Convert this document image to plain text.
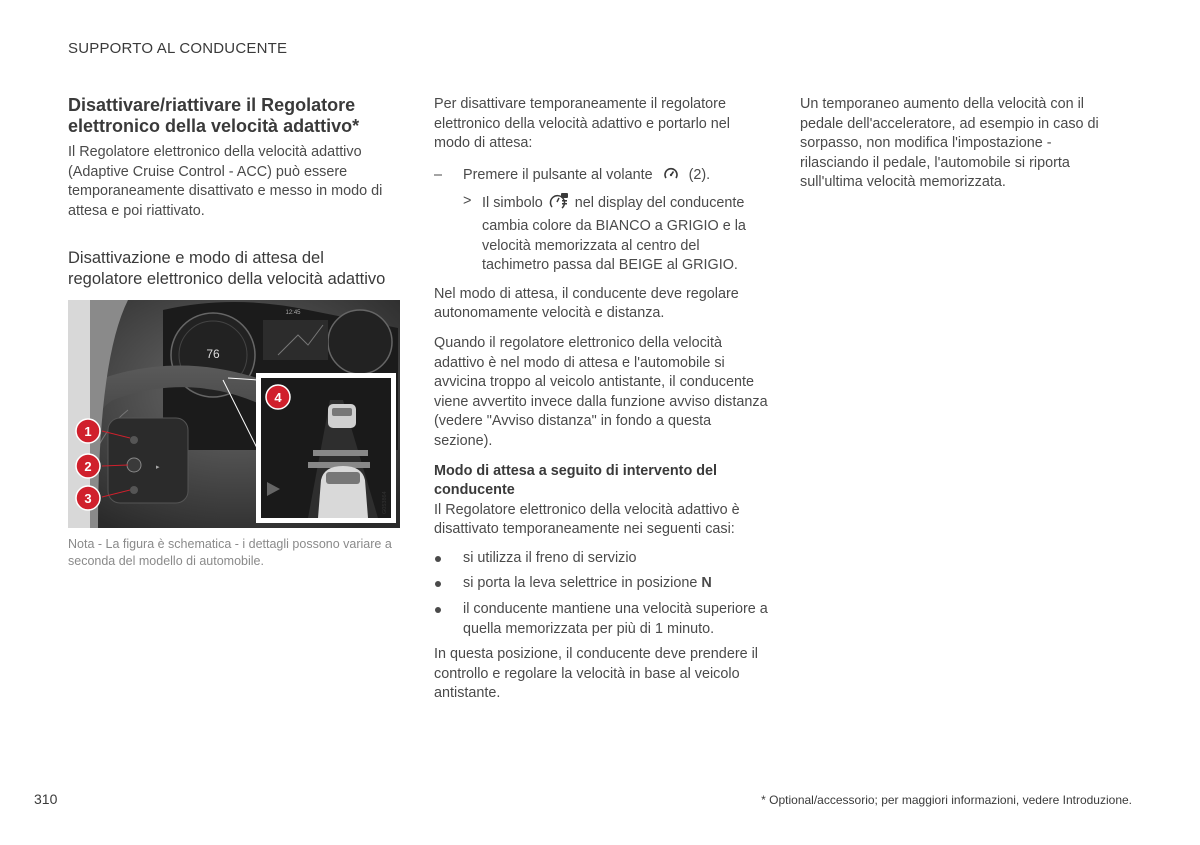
SUPPORTO AL CONDUCENTE
Disattivare/riattivare il Regolatore elettronico della velocità adattivo*

Il Regolatore elettronico della velocità adattivo (Adaptive Cruise Control - ACC) può essere temporaneamente disattivato e messo in modo di attesa e poi riattivato.

Disattivazione e modo di attesa del regolatore elettronico della velocità adattivo
76
12:45
▸
1
2
3
4
G053864

Nota - La figura è schematica - i dettagli possono variare a seconda del modello di automobile.

Per disattivare temporaneamente il regolatore elettronico della velocità adattivo e portarlo nel modo di attesa:

– Premere il pulsante al volante	(2).
> Il simbolo nel display del conducente cambia colore da BIANCO a GRIGIO e la velocità memorizzata al centro del tachimetro passa dal BEIGE al GRIGIO.

Nel modo di attesa, il conducente deve regolare autonomamente velocità e distanza.

Quando il regolatore elettronico della velocità adattivo è nel modo di attesa e l'automobile si avvicina troppo al veicolo antistante, il conducente viene avvertito invece dalla funzione avviso distanza (vedere "Avviso distanza" in fondo a questa sezione).

Modo di attesa a seguito di intervento del conducente

Il Regolatore elettronico della velocità adattivo è disattivato temporaneamente nei seguenti casi:

si utilizza il freno di servizio
si porta la leva selettrice in posizione N
il conducente mantiene una velocità superiore a quella memorizzata per più di 1 minuto.

In questa posizione, il conducente deve prendere il controllo e regolare la velocità in base al veicolo antistante.

Un temporaneo aumento della velocità con il pedale dell'acceleratore, ad esempio in caso di sorpasso, non modifica l'impostazione - rilasciando il pedale, l'automobile si riporta sull'ultima velocità memorizzata.

310	* Optional/accessorio; per maggiori informazioni, vedere Introduzione.
